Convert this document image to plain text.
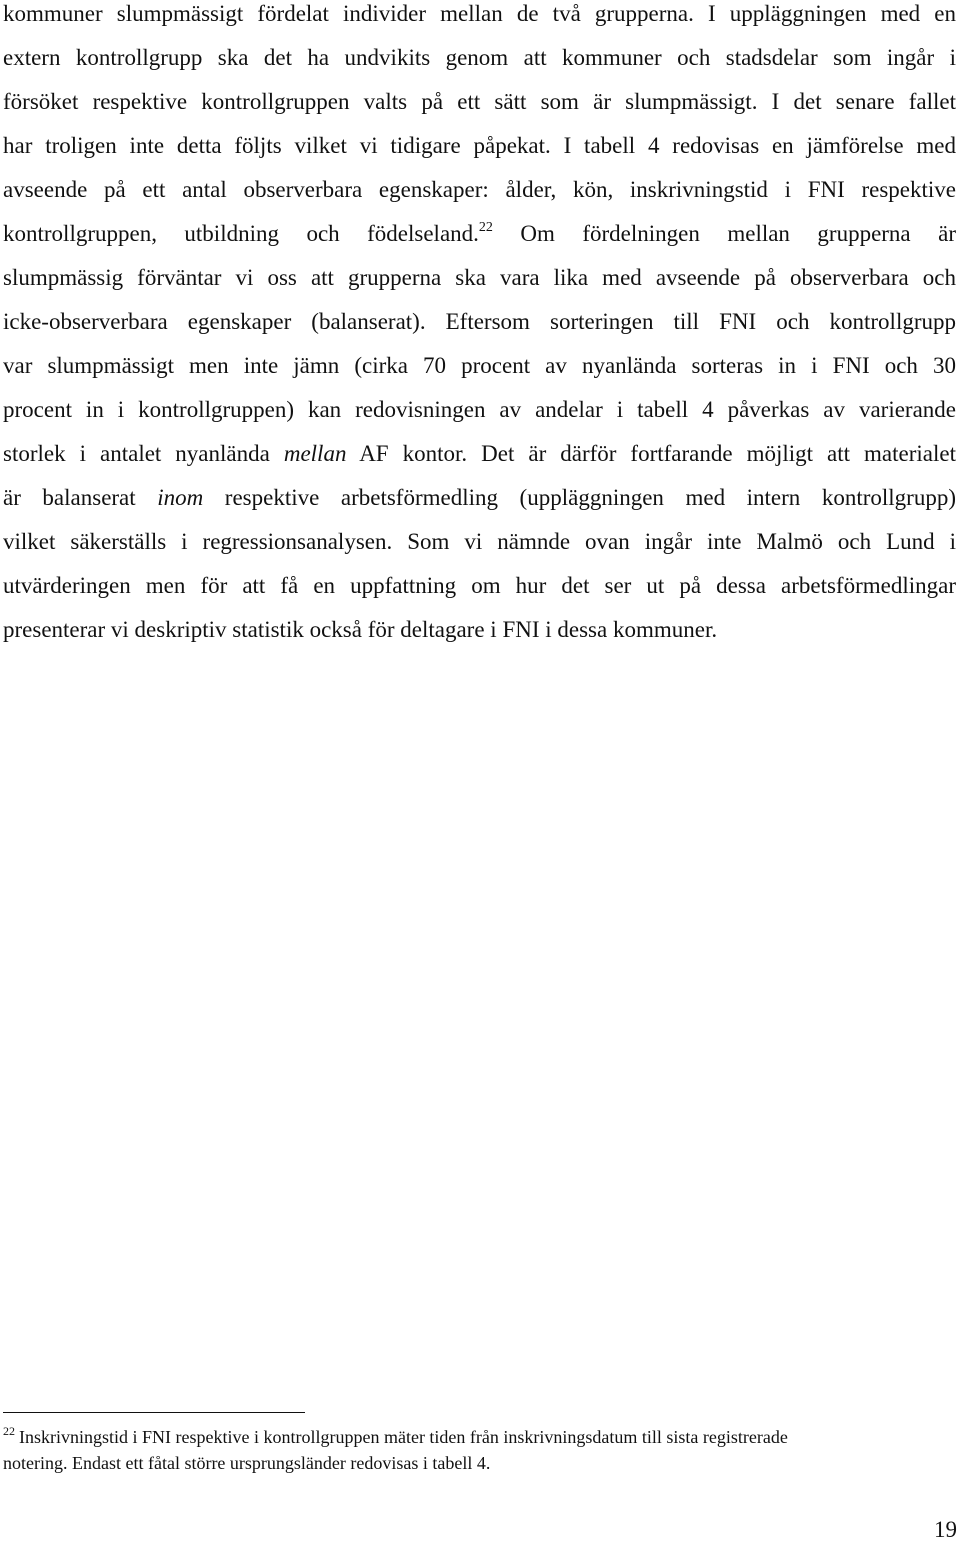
kommuner slumpmässigt fördelat individer mellan de två grupperna. I uppläggningen med en
extern kontrollgrupp ska det ha undvikits genom att kommuner och stadsdelar som ingår i
försöket respektive kontrollgruppen valts på ett sätt som är slumpmässigt. I det senare fallet
har troligen inte detta följts vilket vi tidigare påpekat. I tabell 4 redovisas en jämförelse med
avseende på ett antal observerbara egenskaper: ålder, kön, inskrivningstid i FNI respektive
kontrollgruppen, utbildning och födelseland.$^{22}$ Om fördelningen mellan grupperna är
slumpmässig förväntar vi oss att grupperna ska vara lika med avseende på observerbara och
icke-observerbara egenskaper (balanserat). Eftersom sorteringen till FNI och kontrollgrupp
var slumpmässigt men inte jämn (cirka 70 procent av nyanlända sorteras in i FNI och 30
procent in i kontrollgruppen) kan redovisningen av andelar i tabell 4 påverkas av varierande
storlek i antalet nyanlända mellan AF kontor. Det är därför fortfarande möjligt att materialet
är balanserat inom respektive arbetsförmedling (uppläggningen med intern kontrollgrupp)
vilket säkerställs i regressionsanalysen. Som vi nämnde ovan ingår inte Malmö och Lund i
utvärderingen men för att få en uppfattning om hur det ser ut på dessa arbetsförmedlingar
presenterar vi deskriptiv statistik också för deltagare i FNI i dessa kommuner.
$^{22}$ Inskrivningstid i FNI respektive i kontrollgruppen mäter tiden från inskrivningsdatum till sista registrerade
notering. Endast ett fåtal större ursprungsländer redovisas i tabell 4.
19
